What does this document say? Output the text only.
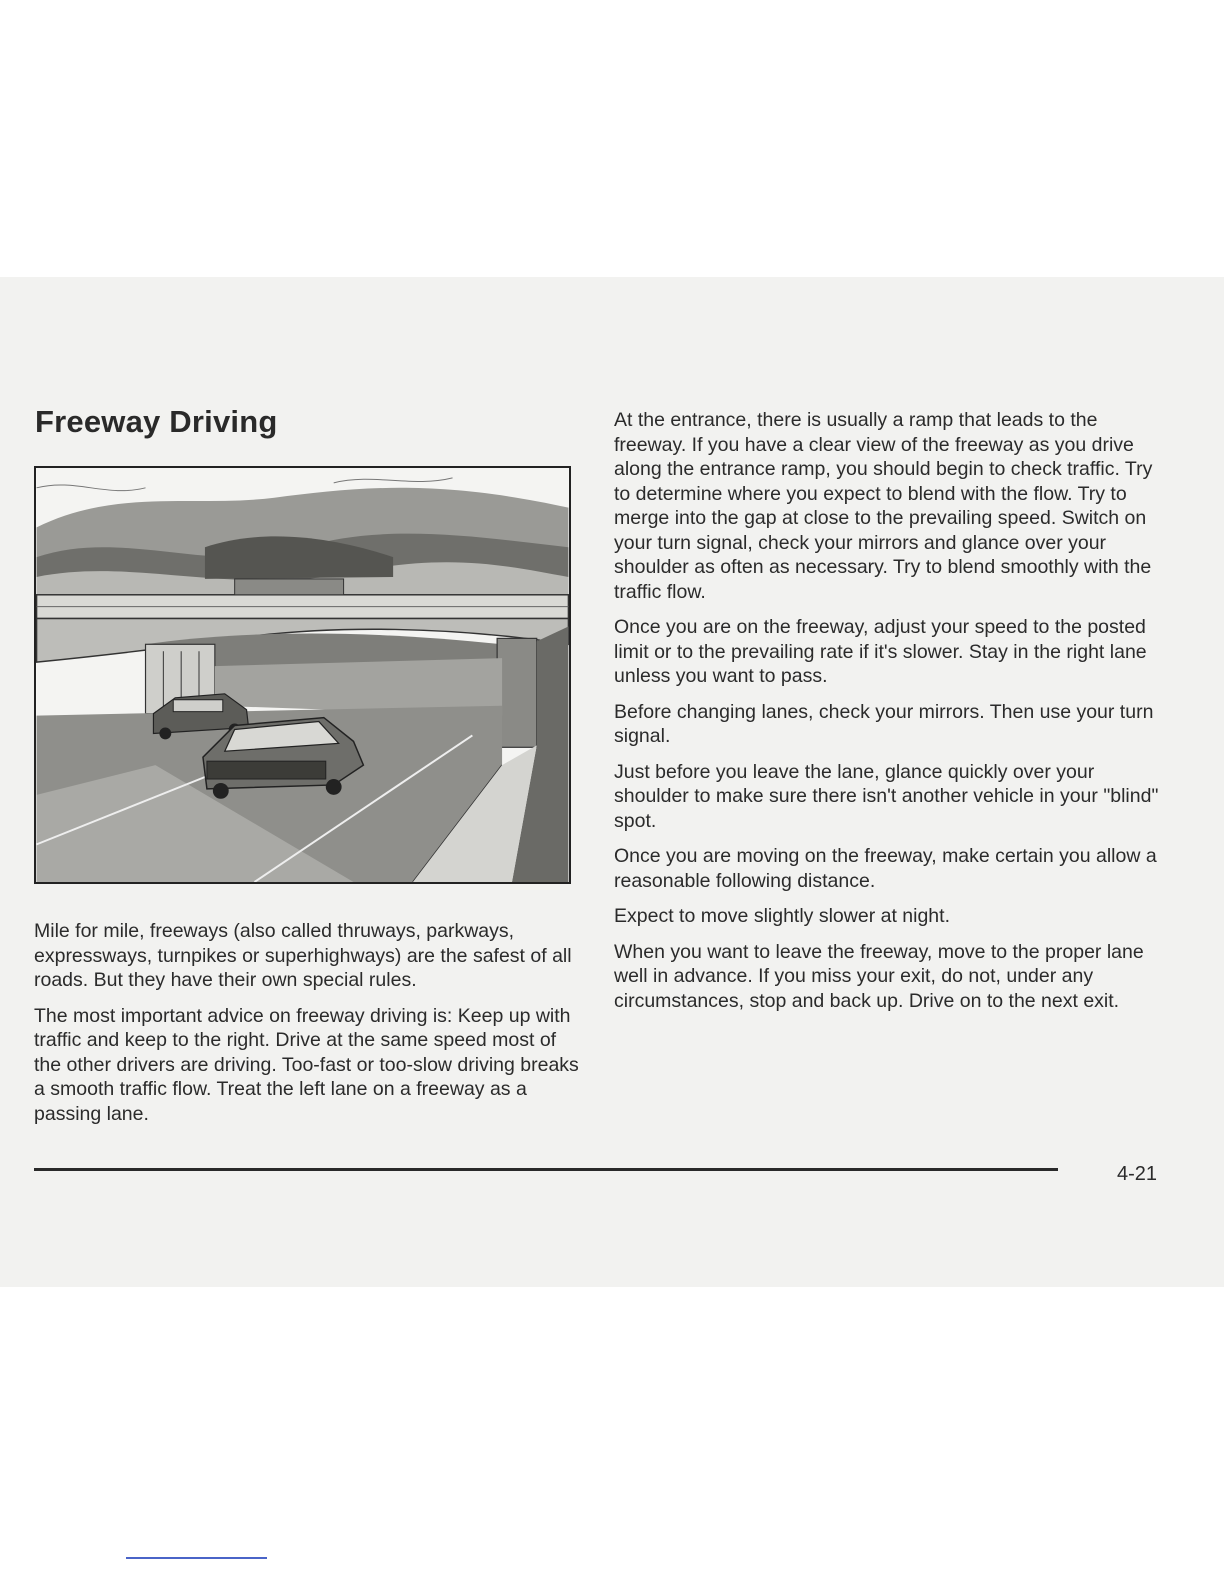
Freeway Driving

Mile for mile, freeways (also called thruways, parkways, expressways, turnpikes or superhighways) are the safest of all roads. But they have their own special rules.

The most important advice on freeway driving is: Keep up with traffic and keep to the right. Drive at the same speed most of the other drivers are driving. Too-fast or too-slow driving breaks a smooth traffic flow. Treat the left lane on a freeway as a passing lane.

At the entrance, there is usually a ramp that leads to the freeway. If you have a clear view of the freeway as you drive along the entrance ramp, you should begin to check traffic. Try to determine where you expect to blend with the flow. Try to merge into the gap at close to the prevailing speed. Switch on your turn signal, check your mirrors and glance over your shoulder as often as necessary. Try to blend smoothly with the traffic flow.

Once you are on the freeway, adjust your speed to the posted limit or to the prevailing rate if it's slower. Stay in the right lane unless you want to pass.

Before changing lanes, check your mirrors. Then use your turn signal.

Just before you leave the lane, glance quickly over your shoulder to make sure there isn't another vehicle in your "blind" spot.

Once you are moving on the freeway, make certain you allow a reasonable following distance.

Expect to move slightly slower at night.

When you want to leave the freeway, move to the proper lane well in advance. If you miss your exit, do not, under any circumstances, stop and back up. Drive on to the next exit.

4-21
